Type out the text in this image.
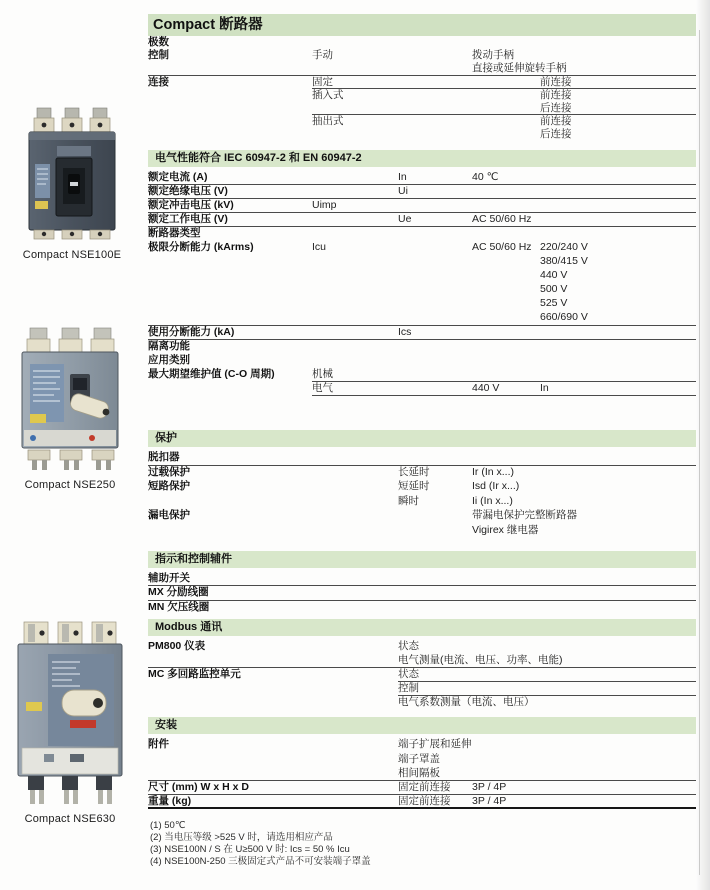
Compact NSE100E
Compact NSE250
Compact NSE630
Compact 断路器
极数
控制	手动	拨动手柄
直接或延伸旋转手柄
连接	固定	前连接
插入式	前连接
后连接
抽出式	前连接
后连接
电气性能符合 IEC 60947-2 和 EN 60947-2
额定电流 (A)	In	40 ℃
额定绝缘电压 (V)	Ui
额定冲击电压 (kV)	Uimp
额定工作电压 (V)	Ue	AC 50/60 Hz
断路器类型
极限分断能力 (kArms)	Icu	AC 50/60 Hz 220/240 V
380/415 V
440 V
500 V
525 V
660/690 V
使用分断能力 (kA)	Ics
隔离功能
应用类别
最大期望维护值 (C-O 周期)	机械
电气	440 V	In
保护
脱扣器
过载保护	长延时	Ir (In x...)
短路保护	短延时	Isd (Ir x...)
瞬时	Ii (In x...)
漏电保护	带漏电保护完整断路器
Vigirex 继电器
指示和控制辅件
辅助开关
MX 分励线圈
MN 欠压线圈
Modbus 通讯
PM800 仪表	状态
电气测量(电流、电压、功率、电能)
MC 多回路监控单元	状态
控制
电气系数测量（电流、电压）
安装
附件	端子扩展和延伸
端子罩盖
相间隔板
尺寸 (mm) W x H x D	固定前连接 3P / 4P
重量 (kg)	固定前连接 3P / 4P
(1) 50℃
(2) 当电压等级 >525 V 时，请选用相应产品
(3) NSE100N / S 在 U≥500 V 时: Ics = 50 % Icu
(4) NSE100N-250 三极固定式产品不可安装端子罩盖
